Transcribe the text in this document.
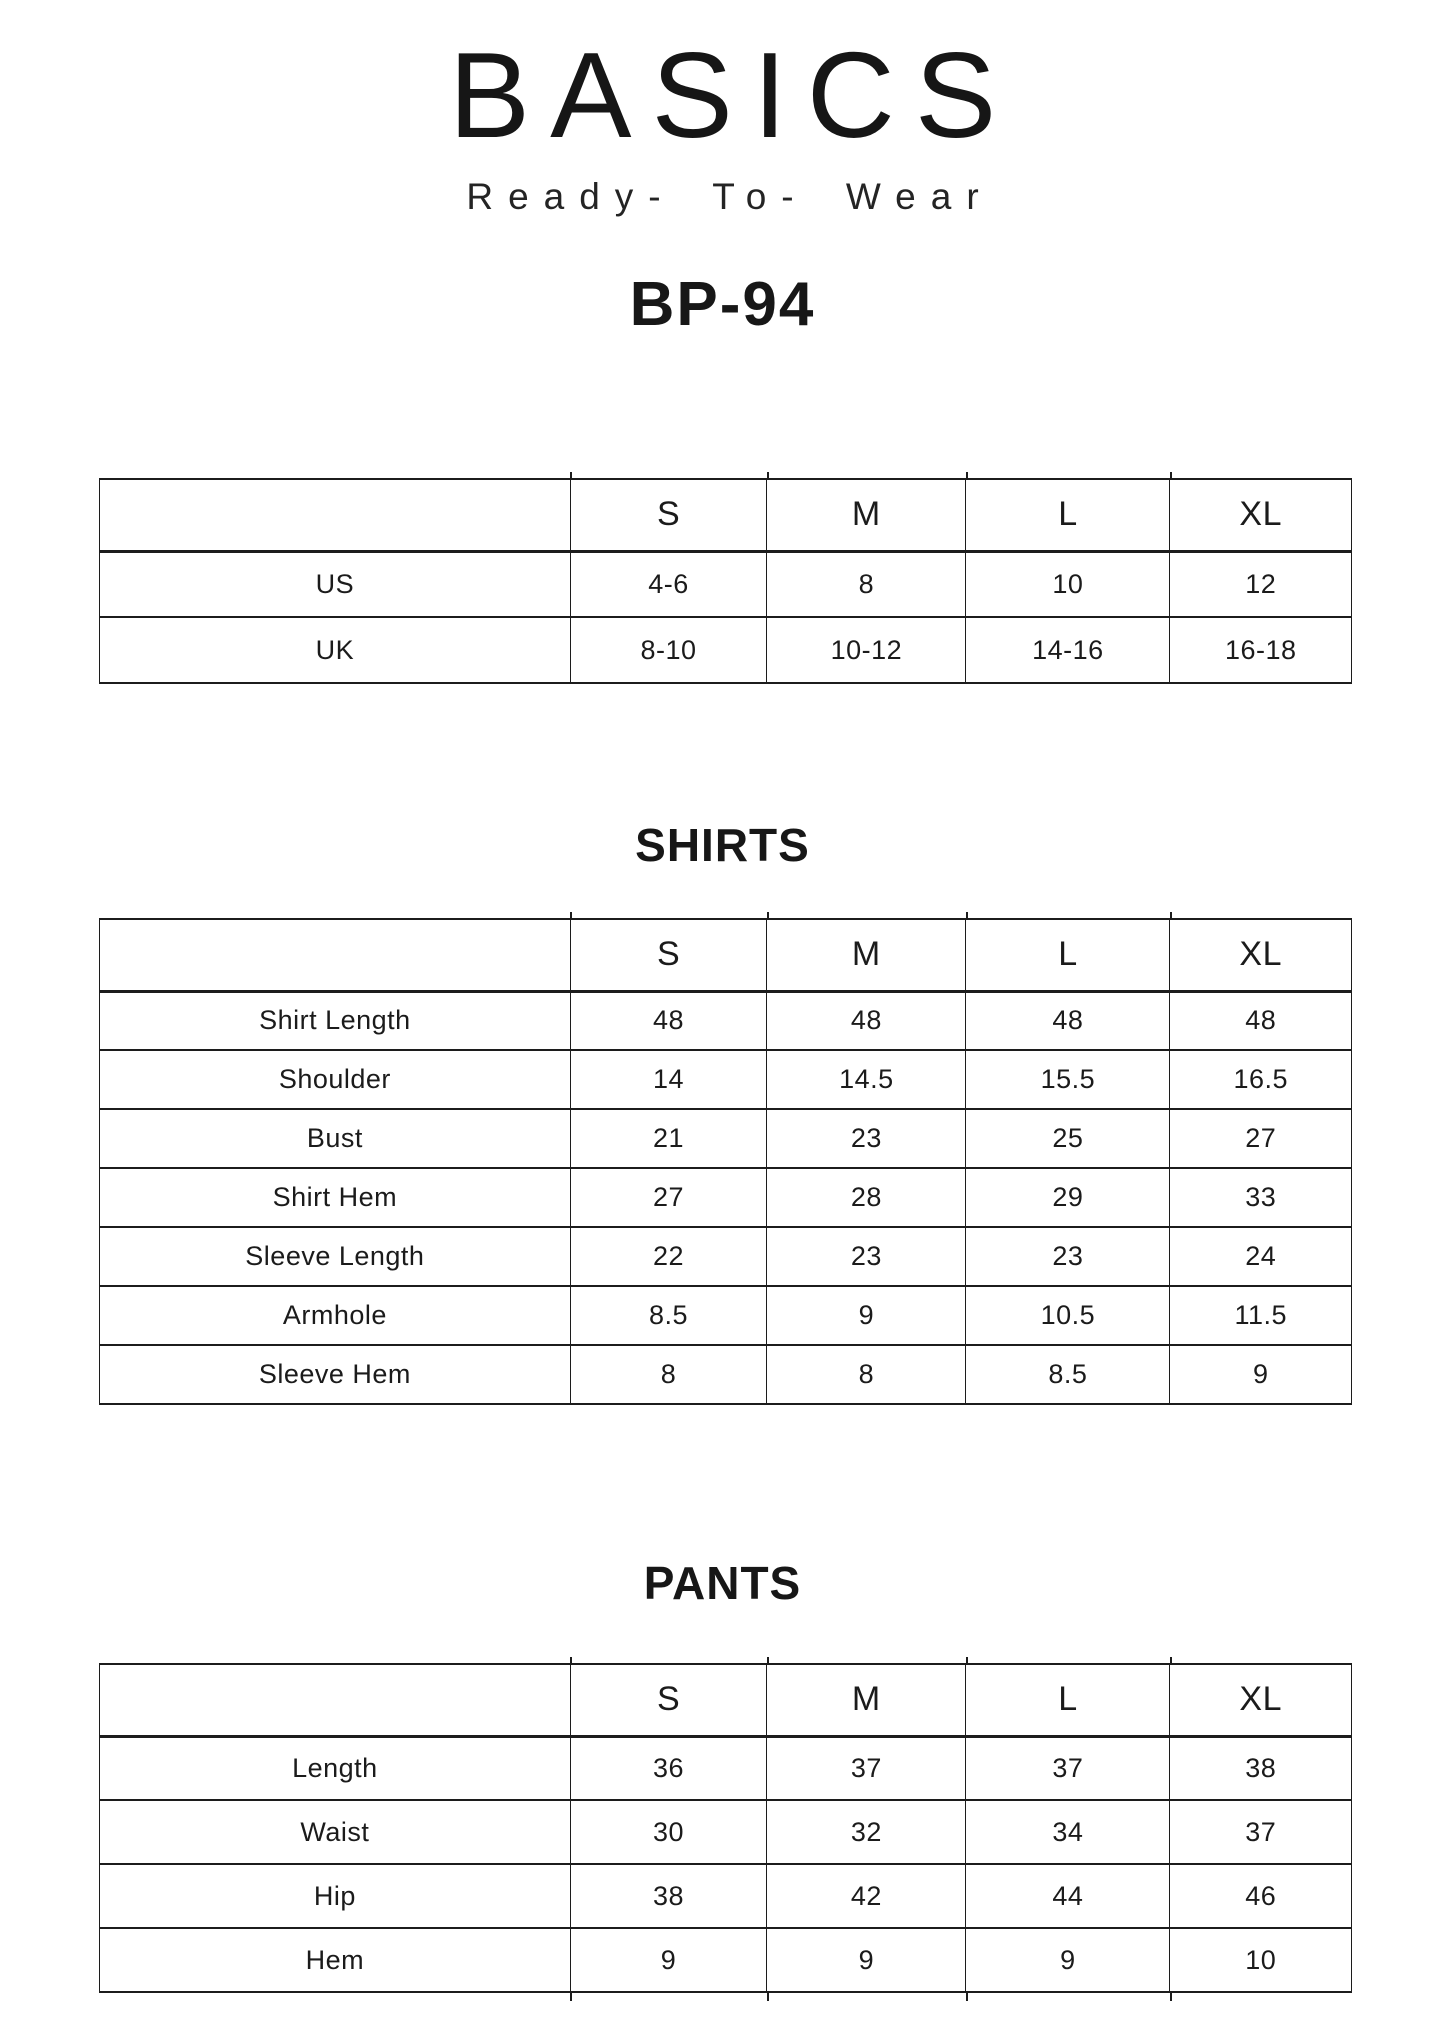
BASICS
Ready- To- Wear
BP-94
	S	M	L	XL
US	4-6	8	10	12
UK	8-10	10-12	14-16	16-18
SHIRTS
	S	M	L	XL
Shirt Length	48	48	48	48
Shoulder	14	14.5	15.5	16.5
Bust	21	23	25	27
Shirt Hem	27	28	29	33
Sleeve Length	22	23	23	24
Armhole	8.5	9	10.5	11.5
Sleeve Hem	8	8	8.5	9
PANTS
	S	M	L	XL
Length	36	37	37	38
Waist	30	32	34	37
Hip	38	42	44	46
Hem	9	9	9	10
